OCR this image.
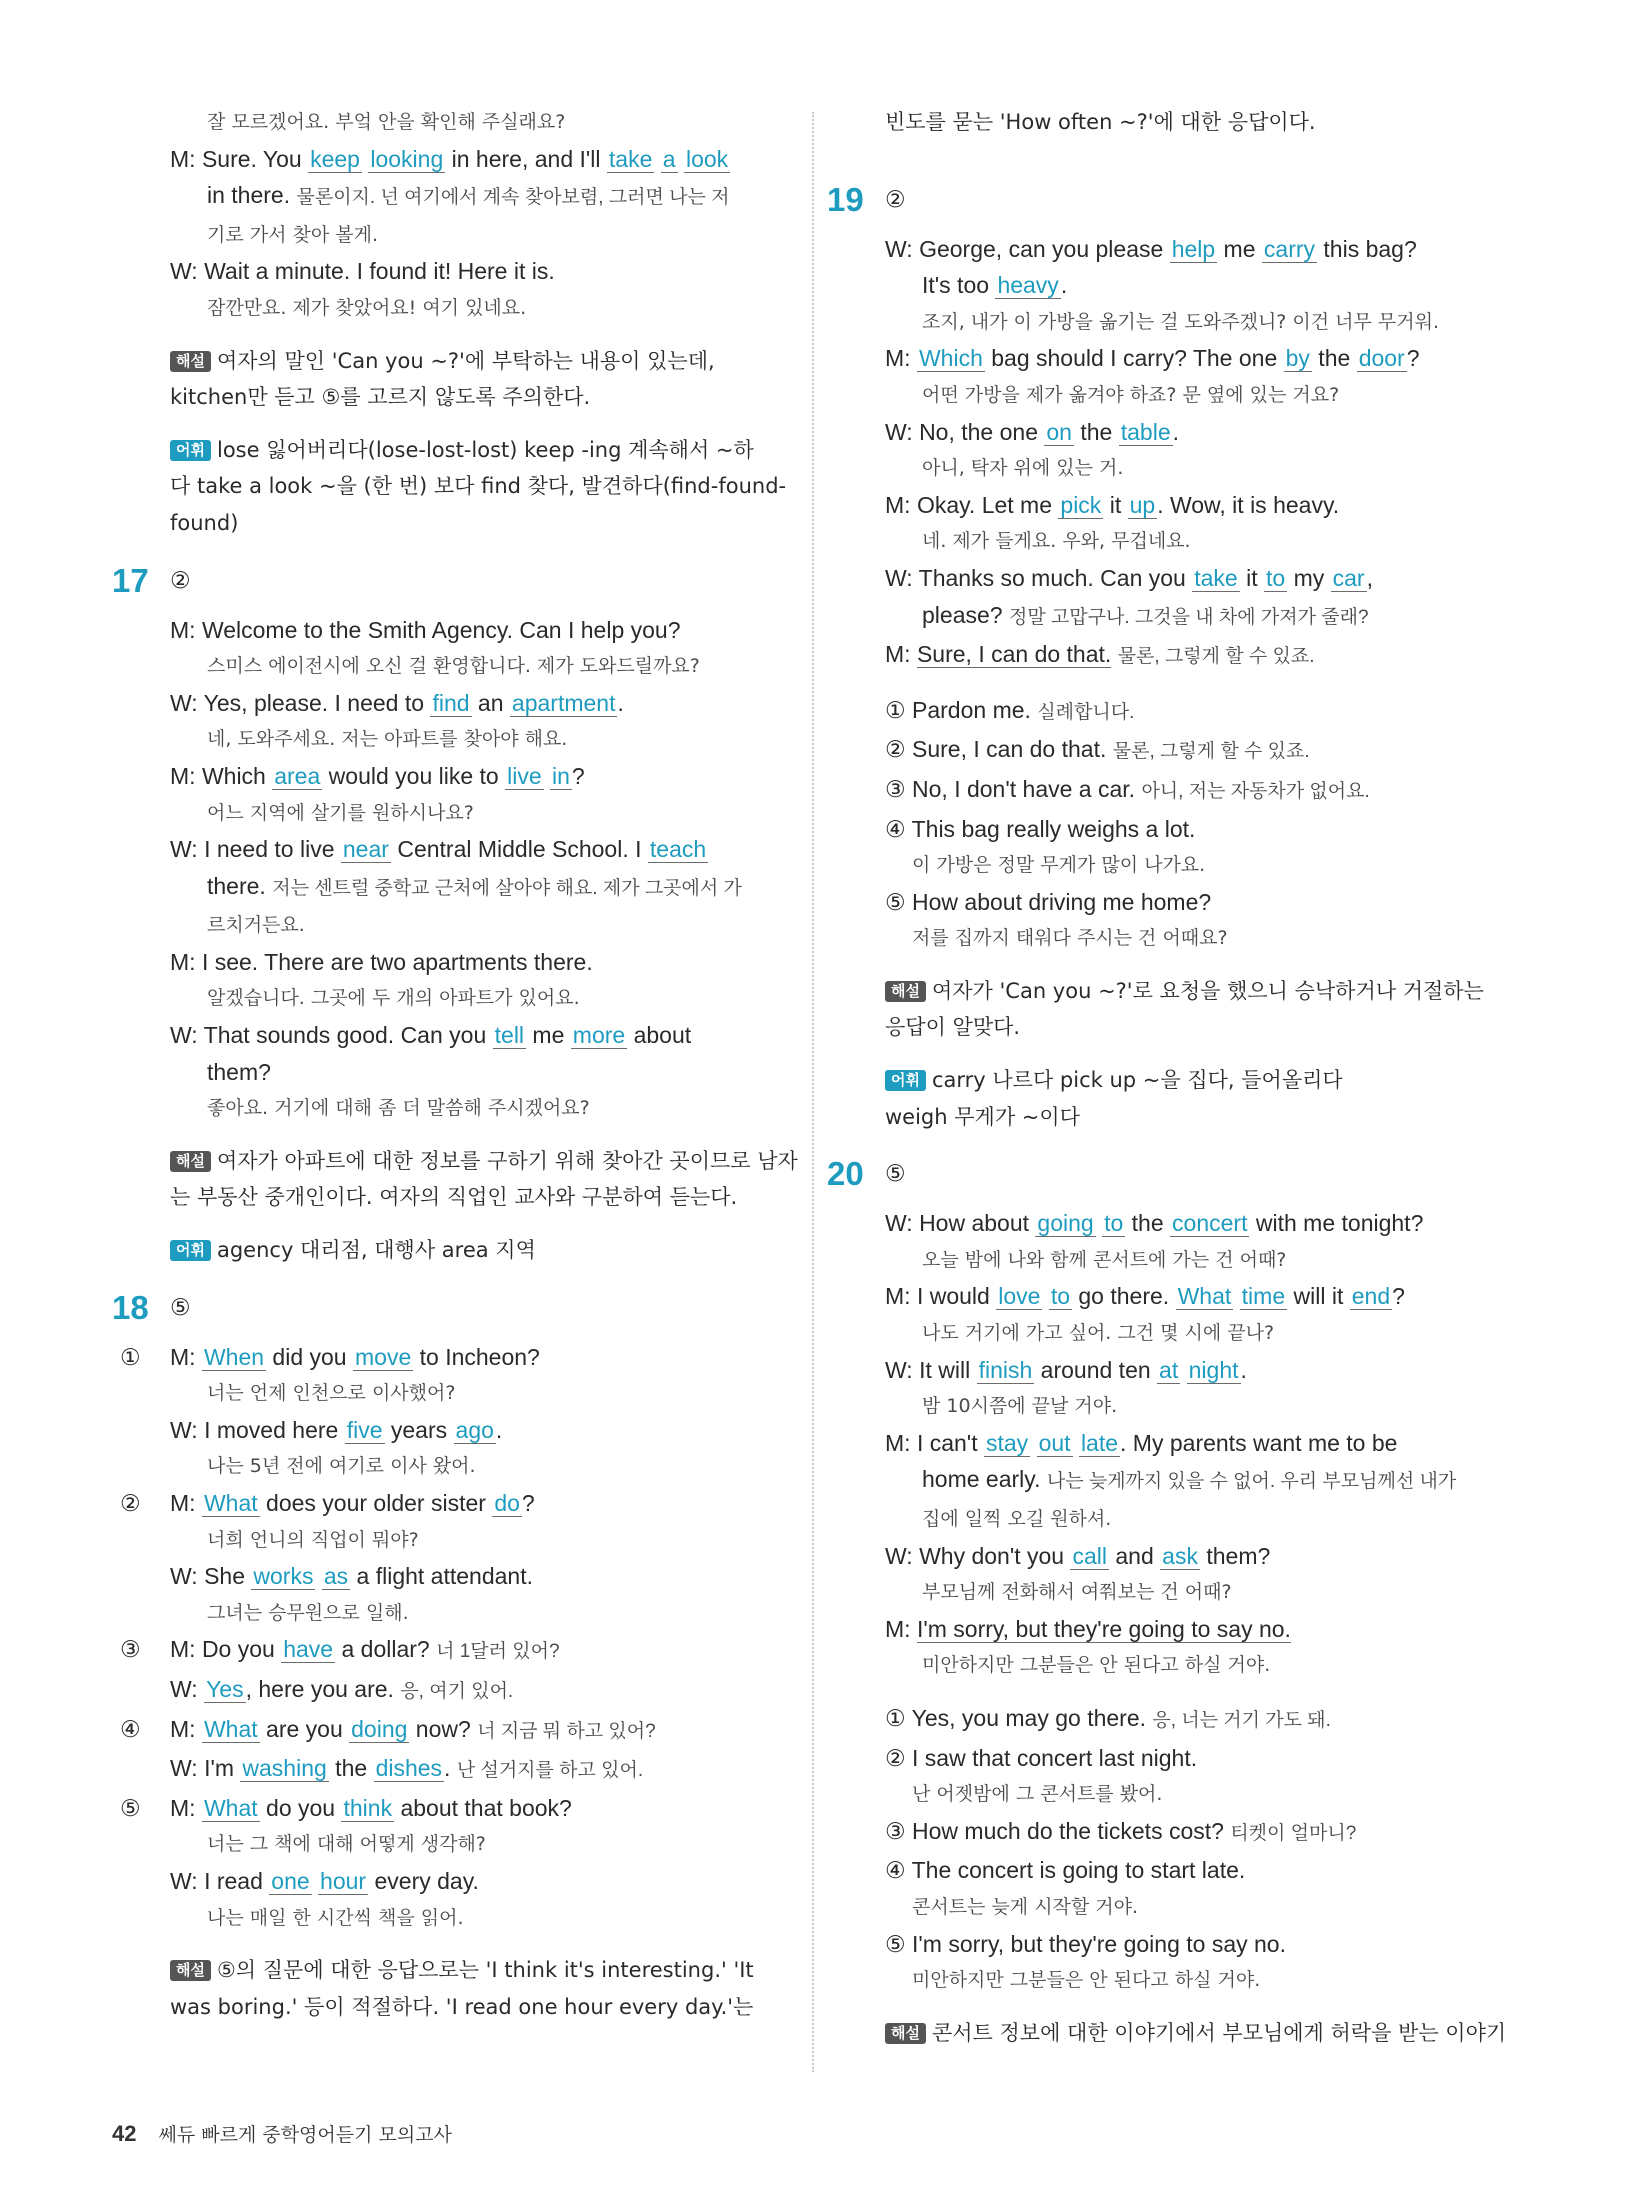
잘 모르겠어요. 부엌 안을 확인해 주실래요?
M: Sure. You keep looking in here, and I'll take a look
in there. 물론이지. 넌 여기에서 계속 찾아보렴, 그러면 나는 저
기로 가서 찾아 볼게.
W: Wait a minute. I found it! Here it is.
잠깐만요. 제가 찾았어요! 여기 있네요.
해설 여자의 말인 'Can you ~?'에 부탁하는 내용이 있는데,
kitchen만 듣고 ⑤를 고르지 않도록 주의한다.
어휘 lose 잃어버리다(lose-lost-lost) keep -ing 계속해서 ~하
다 take a look ~을 (한 번) 보다 find 찾다, 발견하다(find-found-
found)
17 ②
M: Welcome to the Smith Agency. Can I help you?
스미스 에이전시에 오신 걸 환영합니다. 제가 도와드릴까요?
W: Yes, please. I need to find an apartment.
네, 도와주세요. 저는 아파트를 찾아야 해요.
M: Which area would you like to live in?
어느 지역에 살기를 원하시나요?
W: I need to live near Central Middle School. I teach
there. 저는 센트럴 중학교 근처에 살아야 해요. 제가 그곳에서 가
르치거든요.
M: I see. There are two apartments there.
알겠습니다. 그곳에 두 개의 아파트가 있어요.
W: That sounds good. Can you tell me more about
them?
좋아요. 거기에 대해 좀 더 말씀해 주시겠어요?
해설 여자가 아파트에 대한 정보를 구하기 위해 찾아간 곳이므로 남자
는 부동산 중개인이다. 여자의 직업인 교사와 구분하여 듣는다.
어휘 agency 대리점, 대행사 area 지역
18 ⑤
① M: When did you move to Incheon?
너는 언제 인천으로 이사했어?
W: I moved here five years ago.
나는 5년 전에 여기로 이사 왔어.
② M: What does your older sister do?
너희 언니의 직업이 뭐야?
W: She works as a flight attendant.
그녀는 승무원으로 일해.
③ M: Do you have a dollar? 너 1달러 있어?
W: Yes, here you are. 응, 여기 있어.
④ M: What are you doing now? 너 지금 뭐 하고 있어?
W: I'm washing the dishes. 난 설거지를 하고 있어.
⑤ M: What do you think about that book?
너는 그 책에 대해 어떻게 생각해?
W: I read one hour every day.
나는 매일 한 시간씩 책을 읽어.
해설 ⑤의 질문에 대한 응답으로는 'I think it's interesting.' 'It
was boring.' 등이 적절하다. 'I read one hour every day.'는
빈도를 묻는 'How often ~?'에 대한 응답이다.
19 ②
W: George, can you please help me carry this bag?
It's too heavy.
조지, 내가 이 가방을 옮기는 걸 도와주겠니? 이건 너무 무거워.
M: Which bag should I carry? The one by the door?
어떤 가방을 제가 옮겨야 하죠? 문 옆에 있는 거요?
W: No, the one on the table.
아니, 탁자 위에 있는 거.
M: Okay. Let me pick it up. Wow, it is heavy.
네. 제가 들게요. 우와, 무겁네요.
W: Thanks so much. Can you take it to my car,
please? 정말 고맙구나. 그것을 내 차에 가져가 줄래?
M: Sure, I can do that. 물론, 그렇게 할 수 있죠.
① Pardon me. 실례합니다.
② Sure, I can do that. 물론, 그렇게 할 수 있죠.
③ No, I don't have a car. 아니, 저는 자동차가 없어요.
④ This bag really weighs a lot.
이 가방은 정말 무게가 많이 나가요.
⑤ How about driving me home?
저를 집까지 태워다 주시는 건 어때요?
해설 여자가 'Can you ~?'로 요청을 했으니 승낙하거나 거절하는
응답이 알맞다.
어휘 carry 나르다 pick up ~을 집다, 들어올리다
weigh 무게가 ~이다
20 ⑤
W: How about going to the concert with me tonight?
오늘 밤에 나와 함께 콘서트에 가는 건 어때?
M: I would love to go there. What time will it end?
나도 거기에 가고 싶어. 그건 몇 시에 끝나?
W: It will finish around ten at night.
밤 10시쯤에 끝날 거야.
M: I can't stay out late. My parents want me to be
home early. 나는 늦게까지 있을 수 없어. 우리 부모님께선 내가
집에 일찍 오길 원하셔.
W: Why don't you call and ask them?
부모님께 전화해서 여쭤보는 건 어때?
M: I'm sorry, but they're going to say no.
미안하지만 그분들은 안 된다고 하실 거야.
① Yes, you may go there. 응, 너는 거기 가도 돼.
② I saw that concert last night.
난 어젯밤에 그 콘서트를 봤어.
③ How much do the tickets cost? 티켓이 얼마니?
④ The concert is going to start late.
콘서트는 늦게 시작할 거야.
⑤ I'm sorry, but they're going to say no.
미안하지만 그분들은 안 된다고 하실 거야.
해설 콘서트 정보에 대한 이야기에서 부모님에게 허락을 받는 이야기
42 쎄듀 빠르게 중학영어듣기 모의고사
